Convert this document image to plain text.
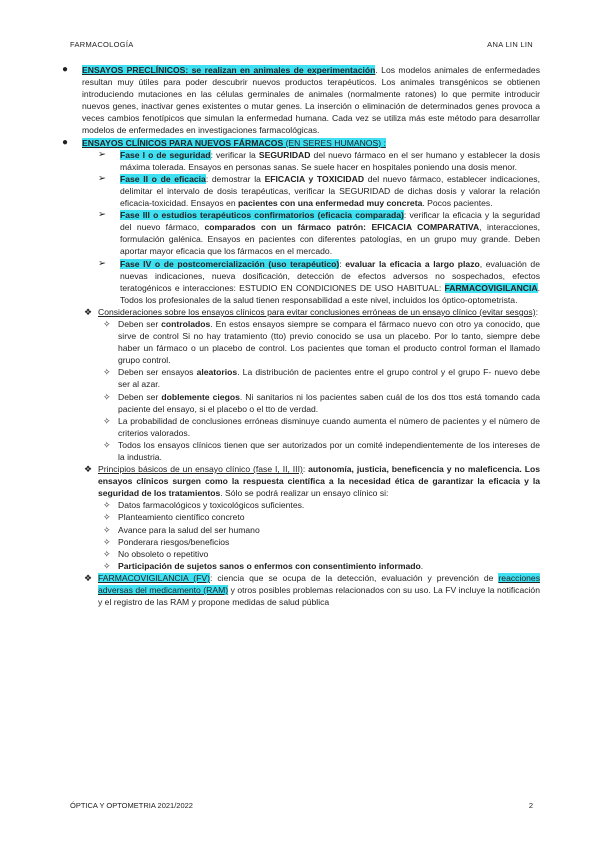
FARMACOLOGÍA	ANA LIN LIN

● ENSAYOS PRECLÍNICOS: se realizan en animales de experimentación. Los modelos animales de enfermedades resultan muy útiles para poder descubrir nuevos productos terapéuticos. Los animales transgénicos se obtienen introduciendo mutaciones en las células germinales de animales (normalmente ratones) lo que permite introducir nuevos genes, inactivar genes existentes o mutar genes. La inserción o eliminación de determinados genes provoca a veces cambios fenotípicos que simulan la enfermedad humana. Cada vez se utiliza más este método para desarrollar modelos de enfermedades en investigaciones farmacológicas.

● ENSAYOS CLÍNICOS PARA NUEVOS FÁRMACOS (EN SERES HUMANOS) :

➢ Fase I o de seguridad: verificar la SEGURIDAD del nuevo fármaco en el ser humano y establecer la dosis máxima tolerada. Ensayos en personas sanas. Se suele hacer en hospitales poniendo una dosis menor.

➢ Fase II o de eficacia: demostrar la EFICACIA y TOXICIDAD del nuevo fármaco, establecer indicaciones, delimitar el intervalo de dosis terapéuticas, verificar la SEGURIDAD de dichas dosis y valorar la relación eficacia-toxicidad. Ensayos en pacientes con una enfermedad muy concreta. Pocos pacientes.

➢ Fase III o estudios terapéuticos confirmatorios (eficacia comparada): verificar la eficacia y la seguridad del nuevo fármaco, comparados con un fármaco patrón: EFICACIA COMPARATIVA, interacciones, formulación galénica. Ensayos en pacientes con diferentes patologías, en un grupo muy grande. Deben aportar mayor eficacia que los fármacos en el mercado.

➢ Fase IV o de postcomercialización (uso terapéutico): evaluar la eficacia a largo plazo, evaluación de nuevas indicaciones, nueva dosificación, detección de efectos adversos no sospechados, efectos teratogénicos e interacciones: ESTUDIO EN CONDICIONES DE USO HABITUAL: FARMACOVIGILANCIA. Todos los profesionales de la salud tienen responsabilidad a este nivel, incluidos los óptico-optometrista.

❖ Consideraciones sobre los ensayos clínicos para evitar conclusiones erróneas de un ensayo clínico (evitar sesgos):

✧ Deben ser controlados. En estos ensayos siempre se compara el fármaco nuevo con otro ya conocido, que sirve de control Si no hay tratamiento (tto) previo conocido se usa un placebo. Por lo tanto, siempre debe haber un fármaco o un placebo de control. Los pacientes que toman el producto control forman el llamado grupo control.

✧ Deben ser ensayos aleatorios. La distribución de pacientes entre el grupo control y el grupo F- nuevo debe ser al azar.

✧ Deben ser doblemente ciegos. Ni sanitarios ni los pacientes saben cuál de los dos ttos está tomando cada paciente del ensayo, si el placebo o el tto de verdad.

✧ La probabilidad de conclusiones erróneas disminuye cuando aumenta el número de pacientes y el número de criterios valorados.

✧ Todos los ensayos clínicos tienen que ser autorizados por un comité independientemente de los intereses de la industria.

❖ Principios básicos de un ensayo clínico (fase I, II, III): autonomía, justicia, beneficencia y no maleficencia. Los ensayos clínicos surgen como la respuesta científica a la necesidad ética de garantizar la eficacia y la seguridad de los tratamientos. Sólo se podrá realizar un ensayo clínico si:

✧ Datos farmacológicos y toxicológicos suficientes.

✧ Planteamiento científico concreto

✧ Avance para la salud del ser humano

✧ Ponderara riesgos/beneficios

✧ No obsoleto o repetitivo

✧ Participación de sujetos sanos o enfermos con consentimiento informado.

❖ FARMACOVIGILANCIA (FV): ciencia que se ocupa de la detección, evaluación y prevención de reacciones adversas del medicamento (RAM) y otros posibles problemas relacionados con su uso. La FV incluye la notificación y el registro de las RAM y propone medidas de salud pública

ÓPTICA Y OPTOMETRIA 2021/2022	2
